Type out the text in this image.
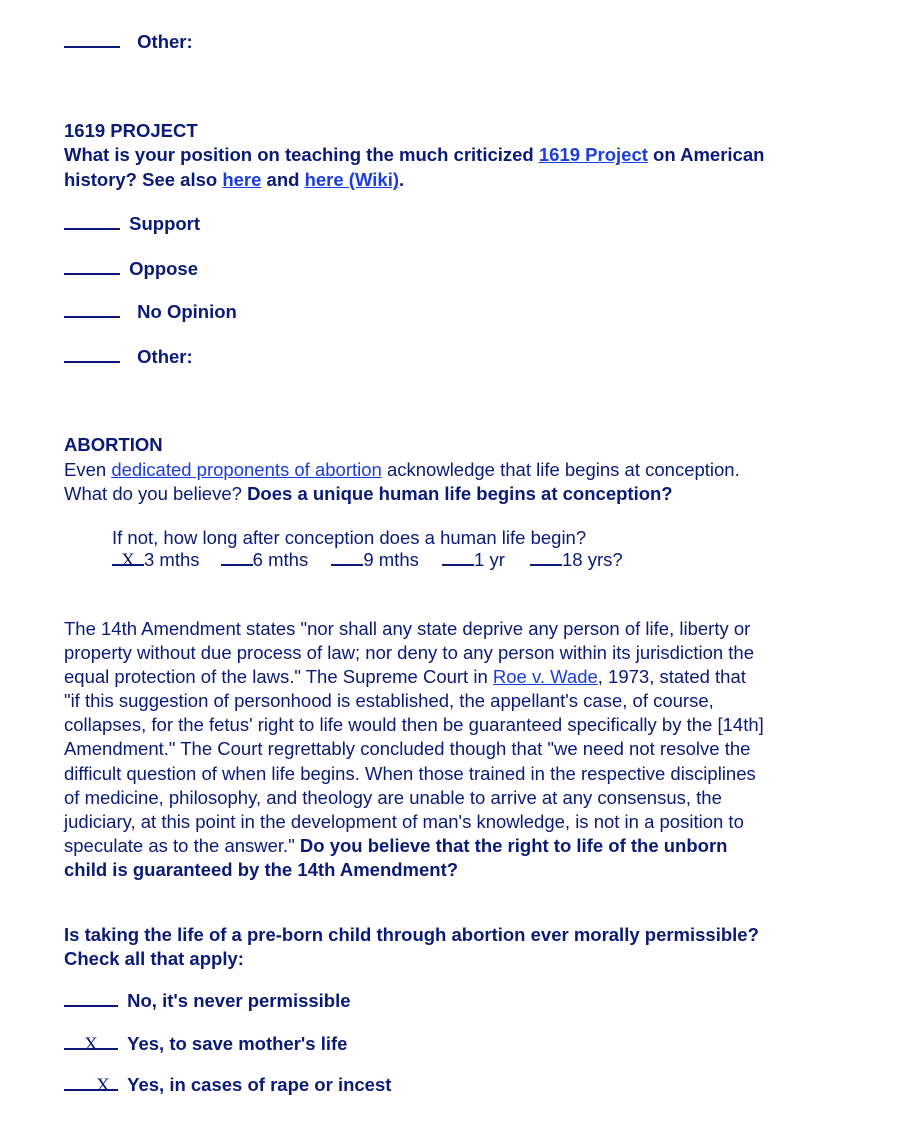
Other:
1619 PROJECT
What is your position on teaching the much criticized 1619 Project on American
history? See also here and here (Wiki).
Support
Oppose
No Opinion
Other:
ABORTION
Even dedicated proponents of abortion acknowledge that life begins at conception.
What do you believe? Does a unique human life begins at conception?
If not, how long after conception does a human life begin?
X 3 mths	6 mths	9 mths	1 yr	18 yrs?
The 14th Amendment states "nor shall any state deprive any person of life, liberty or
property without due process of law; nor deny to any person within its jurisdiction the
equal protection of the laws." The Supreme Court in Roe v. Wade, 1973, stated that
"if this suggestion of personhood is established, the appellant's case, of course,
collapses, for the fetus' right to life would then be guaranteed specifically by the [14th]
Amendment." The Court regrettably concluded though that "we need not resolve the
difficult question of when life begins. When those trained in the respective disciplines
of medicine, philosophy, and theology are unable to arrive at any consensus, the
judiciary, at this point in the development of man's knowledge, is not in a position to
speculate as to the answer." Do you believe that the right to life of the unborn
child is guaranteed by the 14th Amendment?
Is taking the life of a pre-born child through abortion ever morally permissible?
Check all that apply:
No, it's never permissible
X Yes, to save mother's life
X Yes, in cases of rape or incest
